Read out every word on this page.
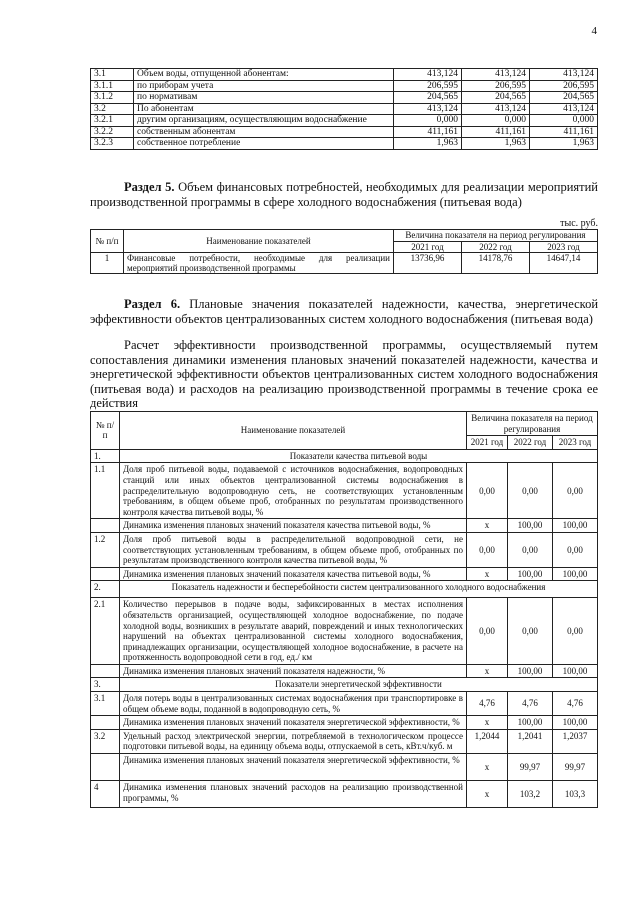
4
3.1	Объем воды, отпущенной абонентам:	413,124	413,124	413,124
3.1.1	по приборам учета	206,595	206,595	206,595
3.1.2	по нормативам	204,565	204,565	204,565
3.2	По абонентам	413,124	413,124	413,124
3.2.1	другим организациям, осуществляющим водоснабжение	0,000	0,000	0,000
3.2.2	собственным абонентам	411,161	411,161	411,161
3.2.3	собственное потребление	1,963	1,963	1,963
Раздел 5. Объем финансовых потребностей, необходимых для реализации мероприятий производственной программы в сфере холодного водоснабжения (питьевая вода)
тыс. руб.
№ п/п	Наименование показателей	Величина показателя на период регулирования		
		2021 год	2022 год	2023 год
1	Финансовые потребности, необходимые для реализации мероприятий производственной программы	13736,96	14178,76	14647,14
Раздел 6. Плановые значения показателей надежности, качества, энергетической эффективности объектов централизованных систем холодного водоснабжения (питьевая вода)
Расчет эффективности производственной программы, осуществляемый путем сопоставления динамики изменения плановых значений показателей надежности, качества и энергетической эффективности объектов централизованных систем холодного водоснабжения (питьевая вода) и расходов на реализацию производственной программы в течение срока ее действия
№ п/п	Наименование показателей	Величина показателя на период регулирования		
		2021 год	2022 год	2023 год
1.	Показатели качества питьевой воды			
1.1	Доля проб питьевой воды, подаваемой с источников водоснабжения, водопроводных станций или иных объектов централизованной системы водоснабжения в распределительную водопроводную сеть, не соответствующих установленным требованиям, в общем объеме проб, отобранных по результатам производственного контроля качества питьевой воды, %	0,00	0,00	0,00
	Динамика изменения плановых значений показателя качества питьевой воды, %	x	100,00	100,00
1.2	Доля проб питьевой воды в распределительной водопроводной сети, не соответствующих установленным требованиям, в общем объеме проб, отобранных по результатам производственного контроля качества питьевой воды, %	0,00	0,00	0,00
	Динамика изменения плановых значений показателя качества питьевой воды, %	x	100,00	100,00
2.	Показатель надежности и бесперебойности систем централизованного холодного водоснабжения			
2.1	Количество перерывов в подаче воды, зафиксированных в местах исполнения обязательств организацией, осуществляющей холодное водоснабжение, по подаче холодной воды, возникших в результате аварий, повреждений и иных технологических нарушений на объектах централизованной системы холодного водоснабжения, принадлежащих организации, осуществляющей холодное водоснабжение, в расчете на протяженность водопроводной сети в год, ед./ км	0,00	0,00	0,00
	Динамика изменения плановых значений показателя надежности, %	x	100,00	100,00
3.	Показатели энергетической эффективности			
3.1	Доля потерь воды в централизованных системах водоснабжения при транспортировке в общем объеме воды, поданной в водопроводную сеть, %	4,76	4,76	4,76
	Динамика изменения плановых значений показателя энергетической эффективности, %	x	100,00	100,00
3.2	Удельный расход электрической энергии, потребляемой в технологическом процессе подготовки питьевой воды, на единицу объема воды, отпускаемой в сеть, кВт.ч/куб. м	1,2044	1,2041	1,2037
	Динамика изменения плановых значений показателя энергетической эффективности, %	x	99,97	99,97
4	Динамика изменения плановых значений расходов на реализацию производственной программы, %	x	103,2	103,3
